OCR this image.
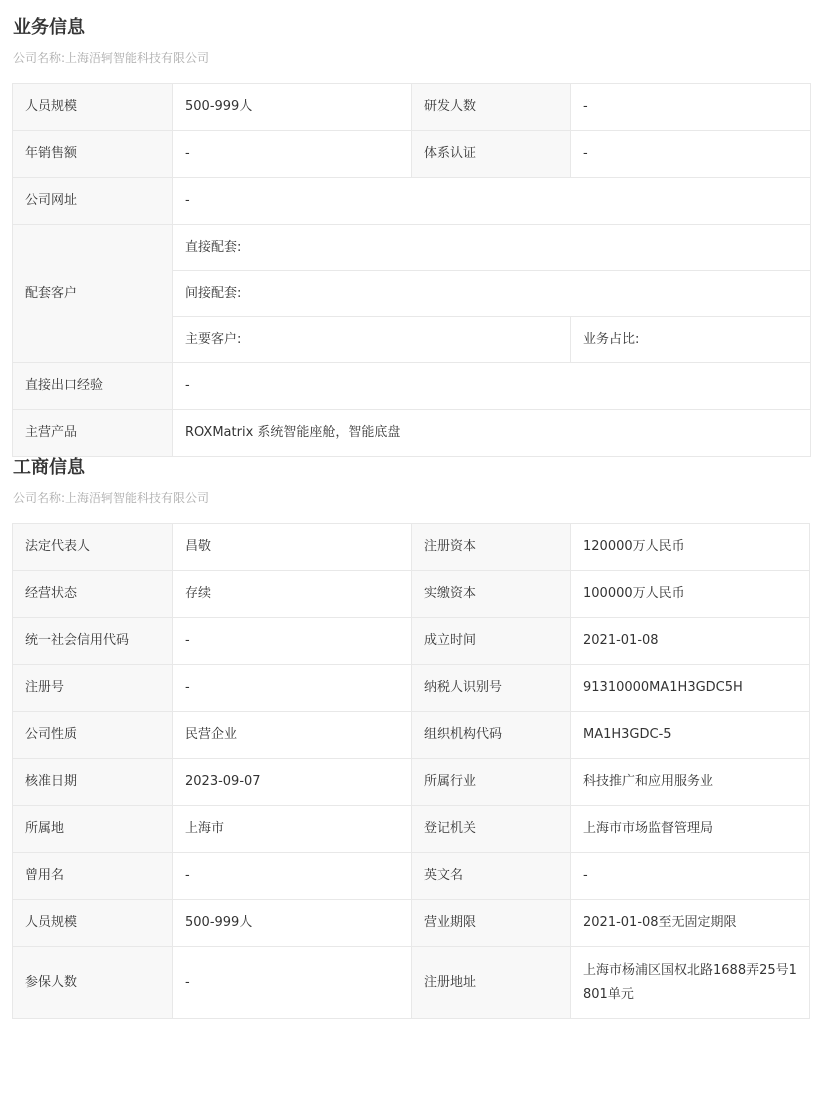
业务信息
公司名称:上海浯轲智能科技有限公司
人员规模	500-999人	研发人数	-
年销售额	-	体系认证	-
公司网址	-		
配套客户	直接配套:		
	间接配套:		
	主要客户:		业务占比:
直接出口经验	-		
主营产品	ROXMatrix 系统智能座舱，智能底盘		
工商信息
公司名称:上海浯轲智能科技有限公司
法定代表人	昌敬	注册资本	120000万人民币
经营状态	存续	实缴资本	100000万人民币
统一社会信用代码	-	成立时间	2021-01-08
注册号	-	纳税人识别号	91310000MA1H3GDC5H
公司性质	民营企业	组织机构代码	MA1H3GDC-5
核准日期	2023-09-07	所属行业	科技推广和应用服务业
所属地	上海市	登记机关	上海市市场监督管理局
曾用名	-	英文名	-
人员规模	500-999人	营业期限	2021-01-08至无固定期限
参保人数	-	注册地址	上海市杨浦区国权北路1688弄25号1801单元
